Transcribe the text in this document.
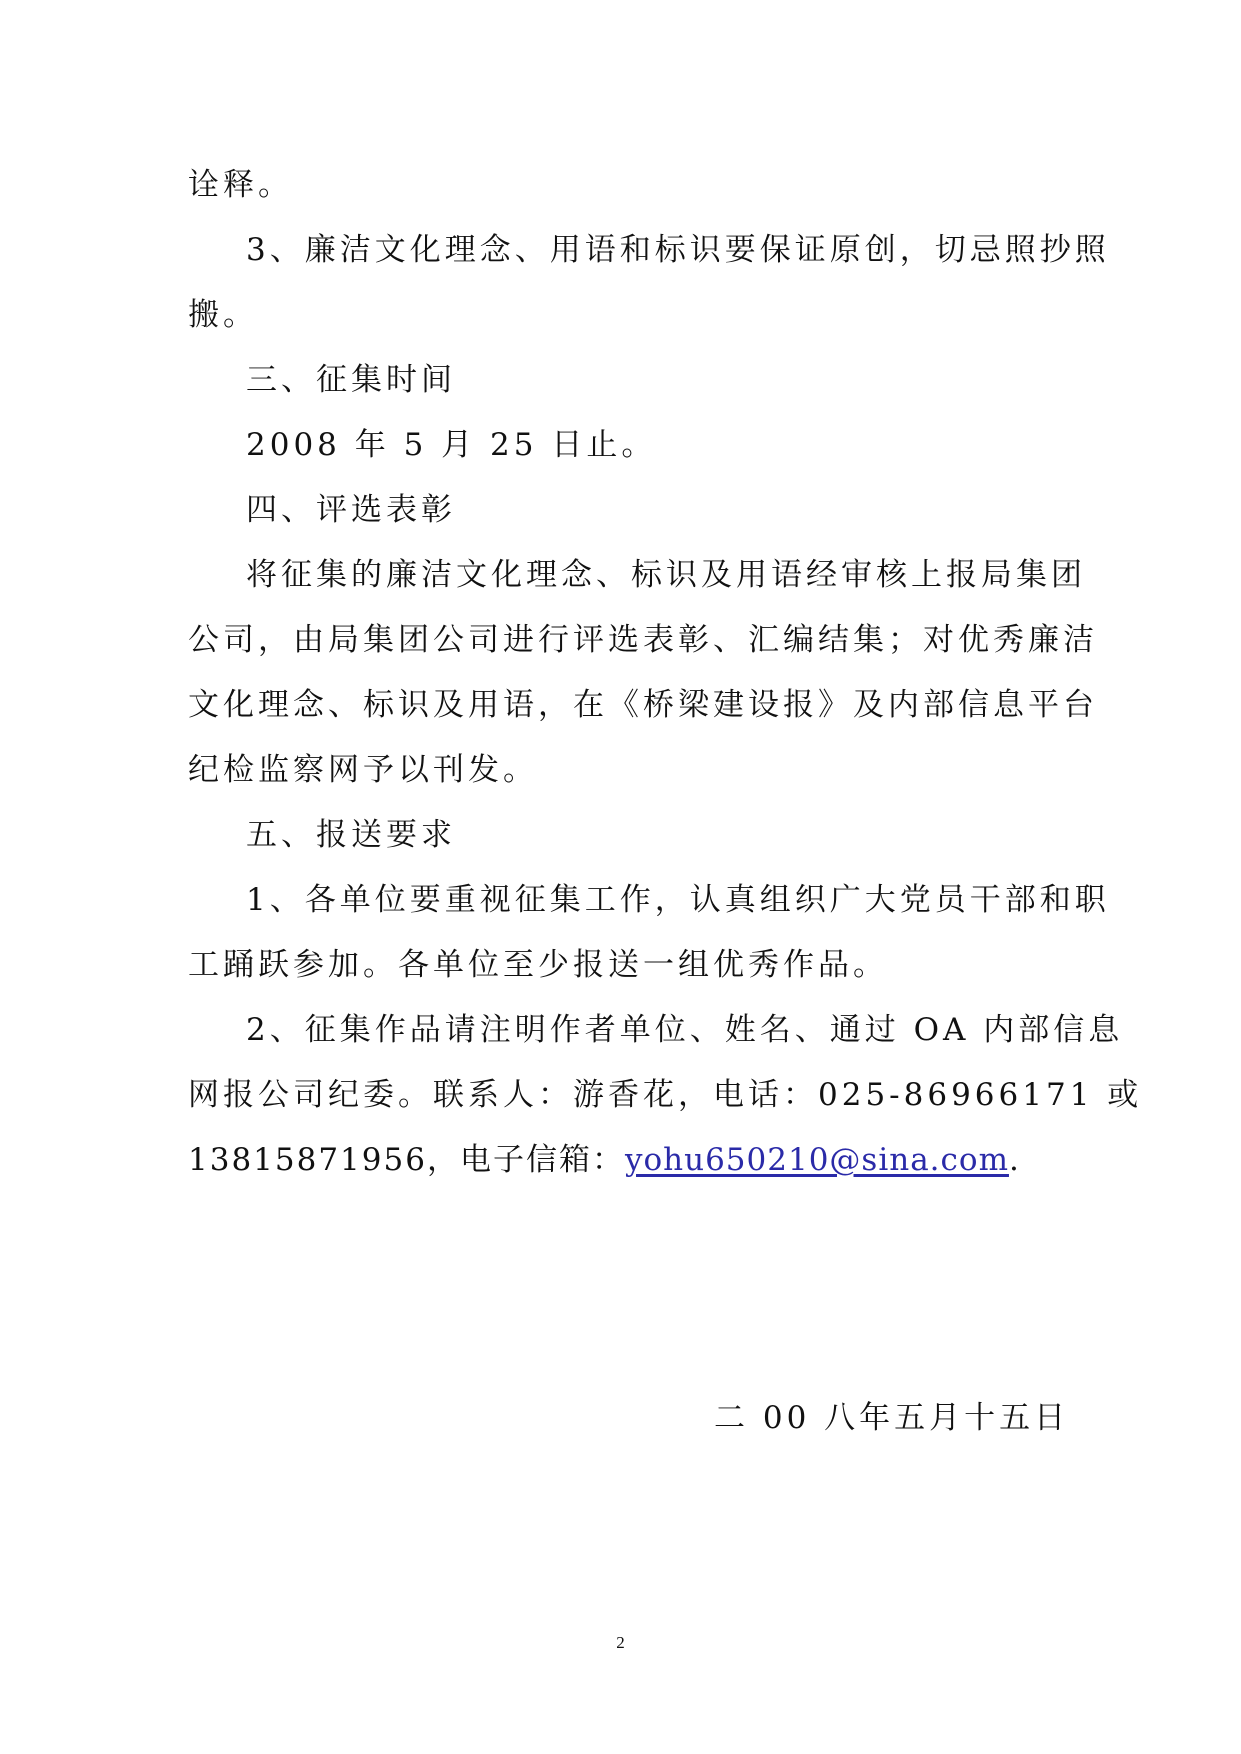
诠释。
3、廉洁文化理念、用语和标识要保证原创，切忌照抄照
搬。
三、征集时间
2008 年 5 月 25 日止。
四、评选表彰
将征集的廉洁文化理念、标识及用语经审核上报局集团
公司，由局集团公司进行评选表彰、汇编结集；对优秀廉洁
文化理念、标识及用语，在《桥梁建设报》及内部信息平台
纪检监察网予以刊发。
五、报送要求
1、各单位要重视征集工作，认真组织广大党员干部和职
工踊跃参加。各单位至少报送一组优秀作品。
2、征集作品请注明作者单位、姓名、通过 OA 内部信息
网报公司纪委。联系人：游香花，电话：025-86966171 或
13815871956，电子信箱：yohu650210@sina.com.
二 00 八年五月十五日
2
